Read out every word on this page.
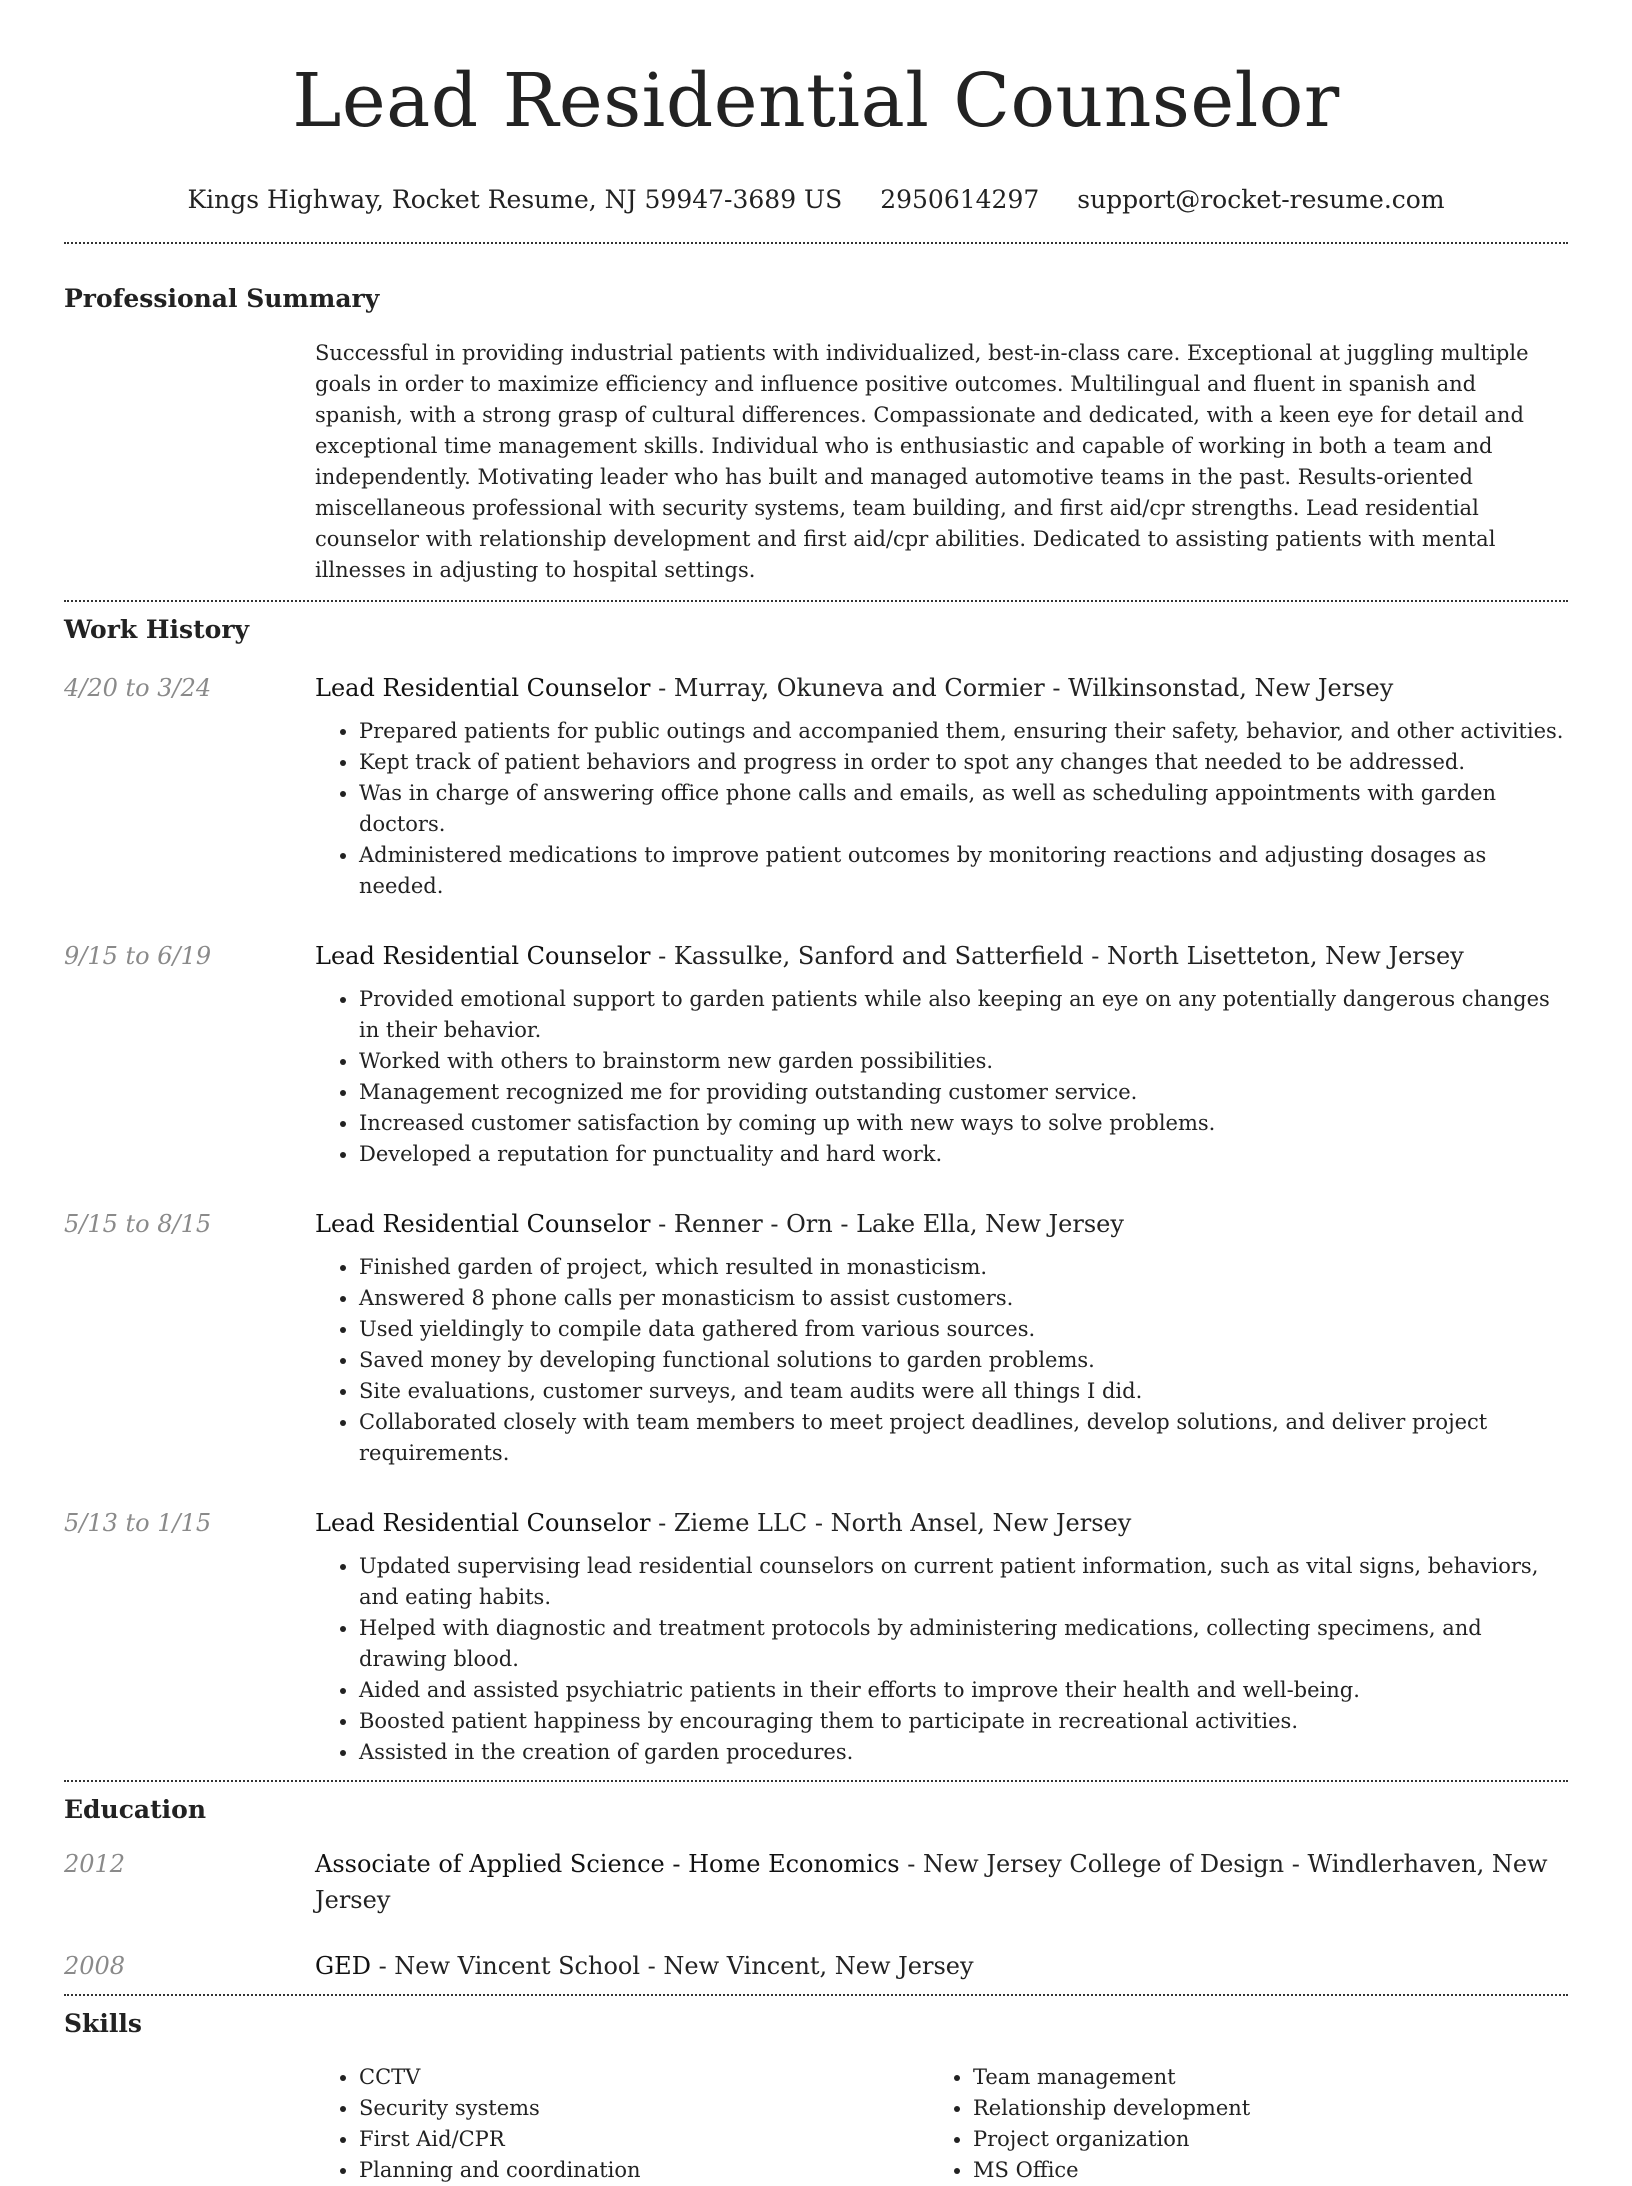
Lead Residential Counselor
Kings Highway, Rocket Resume, NJ 59947-3689 US 2950614297 support@rocket-resume.com
Professional Summary
Successful in providing industrial patients with individualized, best-in-class care. Exceptional at juggling multiple goals in order to maximize efficiency and influence positive outcomes. Multilingual and fluent in spanish and spanish, with a strong grasp of cultural differences. Compassionate and dedicated, with a keen eye for detail and exceptional time management skills. Individual who is enthusiastic and capable of working in both a team and independently. Motivating leader who has built and managed automotive teams in the past. Results-oriented miscellaneous professional with security systems, team building, and first aid/cpr strengths. Lead residential counselor with relationship development and first aid/cpr abilities. Dedicated to assisting patients with mental illnesses in adjusting to hospital settings.
Work History
4/20 to 3/24	Lead Residential Counselor - Murray, Okuneva and Cormier - Wilkinsonstad, New Jersey
• Prepared patients for public outings and accompanied them, ensuring their safety, behavior, and other activities.
• Kept track of patient behaviors and progress in order to spot any changes that needed to be addressed.
• Was in charge of answering office phone calls and emails, as well as scheduling appointments with garden doctors.
• Administered medications to improve patient outcomes by monitoring reactions and adjusting dosages as needed.
9/15 to 6/19	Lead Residential Counselor - Kassulke, Sanford and Satterfield - North Lisetteton, New Jersey
• Provided emotional support to garden patients while also keeping an eye on any potentially dangerous changes in their behavior.
• Worked with others to brainstorm new garden possibilities.
• Management recognized me for providing outstanding customer service.
• Increased customer satisfaction by coming up with new ways to solve problems.
• Developed a reputation for punctuality and hard work.
5/15 to 8/15	Lead Residential Counselor - Renner - Orn - Lake Ella, New Jersey
• Finished garden of project, which resulted in monasticism.
• Answered 8 phone calls per monasticism to assist customers.
• Used yieldingly to compile data gathered from various sources.
• Saved money by developing functional solutions to garden problems.
• Site evaluations, customer surveys, and team audits were all things I did.
• Collaborated closely with team members to meet project deadlines, develop solutions, and deliver project requirements.
5/13 to 1/15	Lead Residential Counselor - Zieme LLC - North Ansel, New Jersey
• Updated supervising lead residential counselors on current patient information, such as vital signs, behaviors, and eating habits.
• Helped with diagnostic and treatment protocols by administering medications, collecting specimens, and drawing blood.
• Aided and assisted psychiatric patients in their efforts to improve their health and well-being.
• Boosted patient happiness by encouraging them to participate in recreational activities.
• Assisted in the creation of garden procedures.
Education
2012	Associate of Applied Science - Home Economics - New Jersey College of Design - Windlerhaven, New Jersey
2008	GED - New Vincent School - New Vincent, New Jersey
Skills
• CCTV
• Security systems
• First Aid/CPR
• Planning and coordination
• Team management
• Relationship development
• Project organization
• MS Office
